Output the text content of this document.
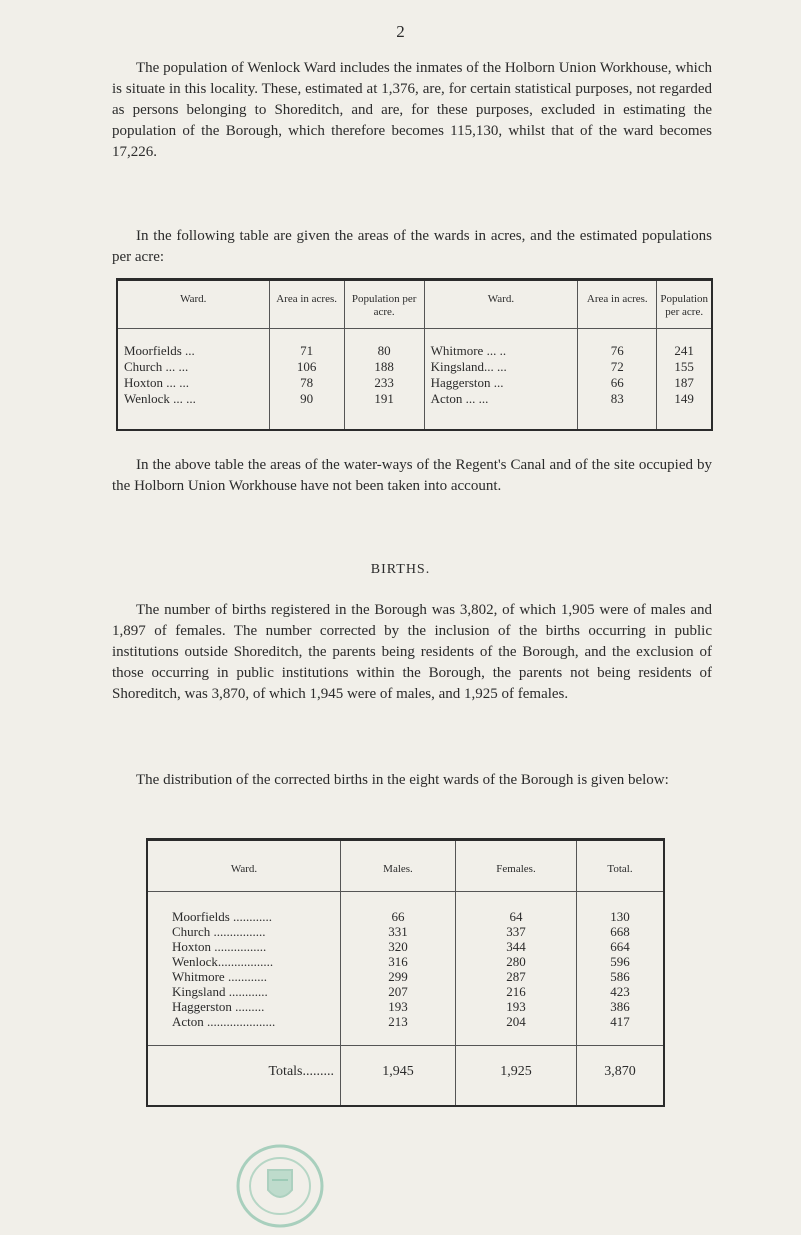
2

The population of Wenlock Ward includes the inmates of the Holborn Union Workhouse, which is situate in this locality. These, estimated at 1,376, are, for certain statistical purposes, not regarded as persons belonging to Shoreditch, and are, for these purposes, excluded in estimating the population of the Borough, which therefore becomes 115,130, whilst that of the ward becomes 17,226.

In the following table are given the areas of the wards in acres, and the estimated populations per acre:

Ward.	Area in acres.	Population per acre.	Ward.	Area in acres.	Population per acre.
Moorfields ...	71	80	Whitmore ... ..	76	241
Church ... ...	106	188	Kingsland... ...	72	155
Hoxton ... ...	78	233	Haggerston ...	66	187
Wenlock ... ...	90	191	Acton ... ...	83	149

In the above table the areas of the water-ways of the Regent's Canal and of the site occupied by the Holborn Union Workhouse have not been taken into account.

BIRTHS.

The number of births registered in the Borough was 3,802, of which 1,905 were of males and 1,897 of females. The number corrected by the inclusion of the births occurring in public institutions outside Shoreditch, the parents being residents of the Borough, and the exclusion of those occurring in public institutions within the Borough, the parents not being residents of Shoreditch, was 3,870, of which 1,945 were of males, and 1,925 of females.

The distribution of the corrected births in the eight wards of the Borough is given below:

Ward.	Males.	Females.	Total.
Moorfields ............	66	64	130
Church ................	331	337	668
Hoxton ................	320	344	664
Wenlock.................	316	280	596
Whitmore ............	299	287	586
Kingsland ............	207	216	423
Haggerston .........	193	193	386
Acton .....................	213	204	417
Totals.........	1,945	1,925	3,870
